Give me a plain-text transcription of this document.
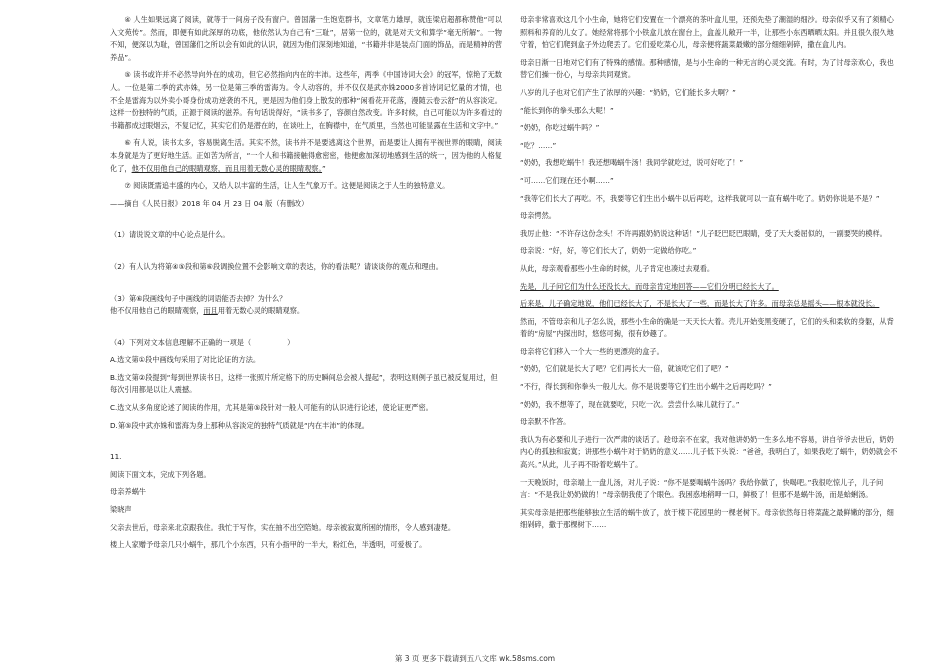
④ 人生如果远离了阅读，就等于一间房子没有窗户。曾国藩一生饱览群书，文章笔力雄厚，就连梁启超都称赞他“可以入文苑传”。然而，即便有如此深厚的功底，他依然认为自己有“三耻”，居第一位的，就是对天文和算学“毫无所解”。一物不知，便深以为耻，曾国藩们之所以会有如此的认识，就因为他们深刻地知道，“书籍并非是装点门面的饰品，而是精神的营养品”。

⑤ 读书或许并不必然导向外在的成功，但它必然指向内在的丰沛。这些年，两季《中国诗词大会》的冠军，惊艳了无数人。一位是第二季的武亦姝，另一位是第三季的雷海为。令人动容的，并不仅仅是武亦姝2000多首诗词记忆量的才情，也不全是雷海为以外卖小哥身份成功逆袭的不凡，更是因为他们身上散发的那种“闲看花开花落，漫随云卷云舒”的从容淡定。这样一份独特的气质，正源于阅读的滋养。有句话说得好，“读书多了，容颜自然改变。许多时候，自己可能以为许多看过的书籍都成过眼烟云，不复记忆，其实它们仍是潜在的，在谈吐上，在胸襟中，在气质里，当然也可能显露在生活和文字中。”

⑥ 有人说，读书太多，容易脱离生活。其实不然，读书并不是要逃离这个世界，而是要让人拥有平视世界的眼睛，阅读本身就是为了更好地生活。正如苦为所言，“一个人和书籍接触得愈密密，他便愈加深切地感到生活的统一，因为他的人格复化了，他不仅用他自己的眼睛观察，而且用着无数心灵的眼睛观察。”

⑦ 阅读既需追丰盛的内心，又给人以丰富的生活，让人生气象万千。这便是阅读之于人生的独特意义。

——摘自《人民日报》2018 年 04 月 23 日 04 版（有删改）

（1）请说说文章的中心论点是什么。

（2）有人认为将第④⑤段和第⑥段调换位置不会影响文章的表达，你的看法呢？请谈谈你的观点和理由。

（3）第⑥段画线句子中画线的词语能否去掉？为什么？

他不仅用他自己的眼睛观察，而且用着无数心灵的眼睛观察。

（4）下列对文本信息理解不正确的一项是（　　　　　）

A.选文第①段中画线句采用了对比论证的方法。

B.选文第②段提到“每到世界读书日，这样一张照片所定格下的历史瞬间总会被人提起”，表明这则例子虽已被反复用过，但每次引用都是以让人震撼。

C.选文从多角度论述了阅读的作用，尤其是第⑤段针对一般人可能有的认识进行论述，使论证更严密。

D.第⑤段中武亦姝和雷海为身上那种从容淡定的独特气质就是“内在丰沛”的体现。

11.

阅读下面文本，完成下列各题。

母亲养蜗牛

梁晓声

父亲去世后，母亲来北京跟我住。我忙于写作，实在抽不出空陪她。母亲被寂寞所困的情形，令人感到凄楚。

楼上人家赠予母亲几只小蜗牛，那几个小东西，只有小指甲的一半大，粉红色，半透明，可爱极了。

母亲非常喜欢这几个小生命，她将它们安置在一个漂亮的茶叶盒儿里，还预先垫了潮湿的细沙。母亲似乎又有了须精心照料和养育的儿女了。她经常将那个小铁盒儿放在窗台上，盒盖儿敞开一半，让那些小东西晒晒太阳。并且很久很久地守着，怕它们爬到盒子外边爬丢了。它们爱吃菜心儿，母亲便将蔬菜最嫩的部分细细剁碎，撒在盒儿内。

母亲日渐一日地对它们有了特殊的感情。那种感情，是与小生命的一种无言的心灵交流。有时，为了讨母亲欢心，我也替它们操一份心，与母亲共同观赏。

八岁的儿子也对它们产生了浓厚的兴趣：“奶奶，它们能长多大啊？”

“能长到你的拳头那么大呢！”

“奶奶，你吃过蜗牛吗？”

“吃？……”

“奶奶，我想吃蜗牛！我还想喝蜗牛汤！我同学就吃过，说可好吃了！”

“可……它们现在还小啊……”

“我等它们长大了再吃。不，我要等它们生出小蜗牛以后再吃，这样我就可以一直有蜗牛吃了。奶奶你说是不是？”

母亲愕然。

我厉止他：“不许存这份念头！不许再跟奶奶说这种话！”儿子眨巴眨巴眼睛，受了天大委屈似的，一副要哭的模样。

母亲说：“好，好，等它们长大了，奶奶一定做给你吃。”

从此，母亲观看那些小生命的时候，儿子肯定也凑过去观看。

先是，儿子问它们为什么还没长大，而母亲肯定地回答——它们分明已经长大了。

后来是，儿子确定地说，他们已经长大了，不是长大了一些，而是长大了许多。而母亲总是摇头——根本就没长。

然而，不管母亲和儿子怎么说，那些小生命的确是一天天长大着。壳儿开始变黑变硬了，它们的头和柔软的身躯，从背着的“房屋”内探出时，悠悠可掬，很有妙趣了。

母亲将它们移入一个大一些的更漂亮的盒子。

“奶奶，它们就是长大了吧？它们再长大一倍，就该吃它们了吧？”

“不行，得长到和你拳头一般儿大。你不是说要等它们生出小蜗牛之后再吃吗？”

“奶奶，我不想等了，现在就要吃，只吃一次。尝尝什么味儿就行了。”

母亲默不作答。

我认为有必要和儿子进行一次严肃的谈话了。趁母亲不在家，我对他讲奶奶一生多么地不容易，讲自爷爷去世后，奶奶内心的孤独和寂寞；讲那些小蜗牛对于奶奶的意义……儿子低下头说：“爸爸，我明白了，如果我吃了蜗牛，奶奶就会不高兴。”从此，儿子再不盼着吃蜗牛了。

一天晚饭时，母亲端上一盘儿汤，对儿子说：“你不是要喝蜗牛汤吗？我给你做了，快喝吧。”我很吃惊儿子，儿子问言：“不是我让奶奶做的！”母亲朝我使了个眼色。我困惑地稍呷一口，鲜极了！但那不是蜗牛汤，而是蛤蜊汤。

其实母亲是把那些能够独立生活的蜗牛放了，放于楼下花园里的一棵老树下。母亲依然每日将菜蔬之最鲜嫩的部分，细细剁碎，撒于那棵树下……

第 3 页 更多下载请到五八文库 wk.58sms.com
